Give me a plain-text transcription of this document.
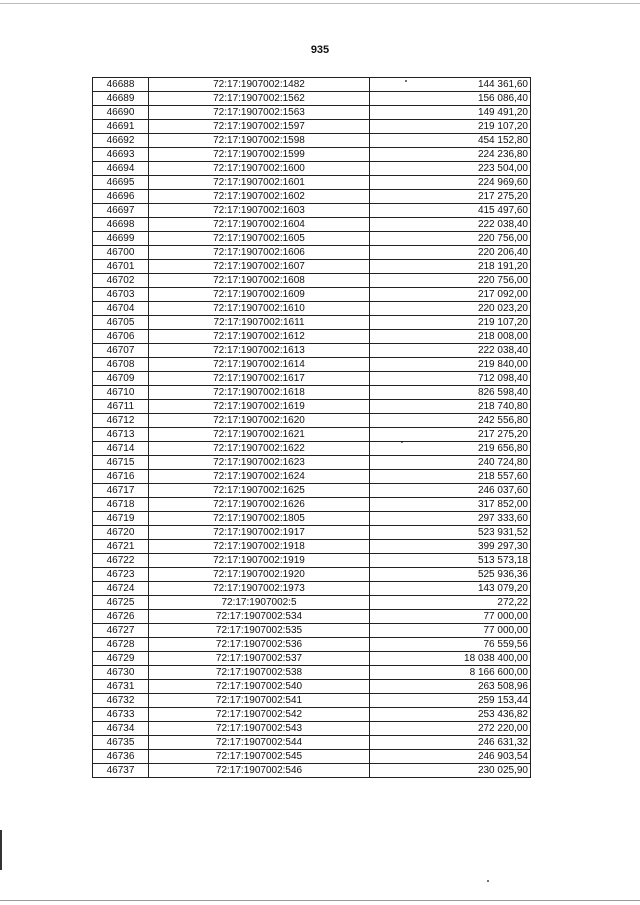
935
46688	72:17:1907002:1482	144 361,60
46689	72:17:1907002:1562	156 086,40
46690	72:17:1907002:1563	149 491,20
46691	72:17:1907002:1597	219 107,20
46692	72:17:1907002:1598	454 152,80
46693	72:17:1907002:1599	224 236,80
46694	72:17:1907002:1600	223 504,00
46695	72:17:1907002:1601	224 969,60
46696	72:17:1907002:1602	217 275,20
46697	72:17:1907002:1603	415 497,60
46698	72:17:1907002:1604	222 038,40
46699	72:17:1907002:1605	220 756,00
46700	72:17:1907002:1606	220 206,40
46701	72:17:1907002:1607	218 191,20
46702	72:17:1907002:1608	220 756,00
46703	72:17:1907002:1609	217 092,00
46704	72:17:1907002:1610	220 023,20
46705	72:17:1907002:1611	219 107,20
46706	72:17:1907002:1612	218 008,00
46707	72:17:1907002:1613	222 038,40
46708	72:17:1907002:1614	219 840,00
46709	72:17:1907002:1617	712 098,40
46710	72:17:1907002:1618	826 598,40
46711	72:17:1907002:1619	218 740,80
46712	72:17:1907002:1620	242 556,80
46713	72:17:1907002:1621	217 275,20
46714	72:17:1907002:1622	219 656,80
46715	72:17:1907002:1623	240 724,80
46716	72:17:1907002:1624	218 557,60
46717	72:17:1907002:1625	246 037,60
46718	72:17:1907002:1626	317 852,00
46719	72:17:1907002:1805	297 333,60
46720	72:17:1907002:1917	523 931,52
46721	72:17:1907002:1918	399 297,30
46722	72:17:1907002:1919	513 573,18
46723	72:17:1907002:1920	525 936,36
46724	72:17:1907002:1973	143 079,20
46725	72:17:1907002:5	272,22
46726	72:17:1907002:534	77 000,00
46727	72:17:1907002:535	77 000,00
46728	72:17:1907002:536	76 559,56
46729	72:17:1907002:537	18 038 400,00
46730	72:17:1907002:538	8 166 600,00
46731	72:17:1907002:540	263 508,96
46732	72:17:1907002:541	259 153,44
46733	72:17:1907002:542	253 436,82
46734	72:17:1907002:543	272 220,00
46735	72:17:1907002:544	246 631,32
46736	72:17:1907002:545	246 903,54
46737	72:17:1907002:546	230 025,90
